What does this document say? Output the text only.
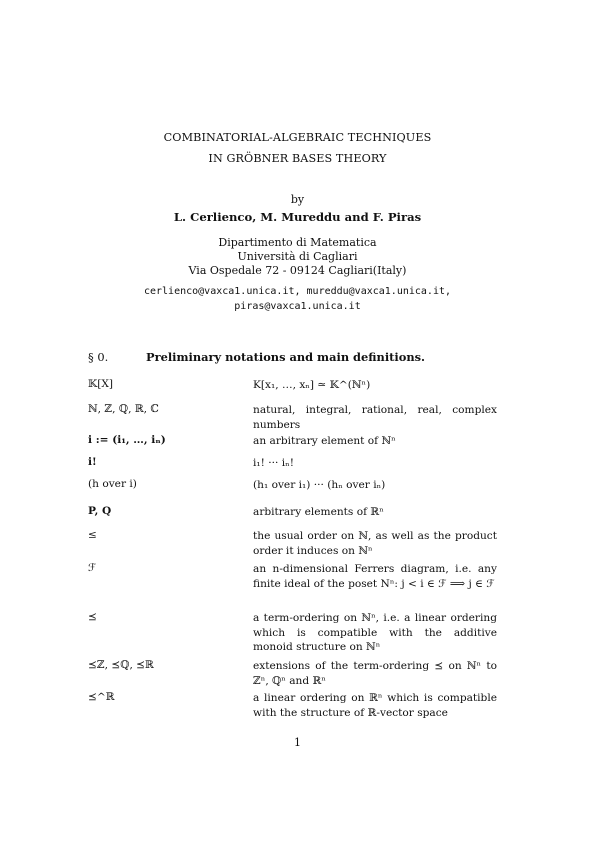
COMBINATORIAL-ALGEBRAIC TECHNIQUES
IN GRÖBNER BASES THEORY
by
L. Cerlienco, M. Mureddu and F. Piras
Dipartimento di Matematica
Università di Cagliari
Via Ospedale 72 - 09124 Cagliari(Italy)
cerlienco@vaxca1.unica.it, mureddu@vaxca1.unica.it,
piras@vaxca1.unica.it
§ 0.	Preliminary notations and main definitions.
𝕂[X]	K[x₁, …, xₙ] ≃ 𝕂^(ℕⁿ)
ℕ, ℤ, ℚ, ℝ, ℂ	natural, integral, rational, real, complex numbers
i := (i₁, …, iₙ)	an arbitrary element of ℕⁿ
i!	i₁! ··· iₙ!
(h over i)	(h₁ over i₁) ··· (hₙ over iₙ)
P, Q	arbitrary elements of ℝⁿ
≤	the usual order on ℕ, as well as the product order it induces on ℕⁿ
ℱ	an n-dimensional Ferrers diagram, i.e. any finite ideal of the poset Nⁿ: j < i ∈ ℱ ⟹ j ∈ ℱ
⪯	a term-ordering on ℕⁿ, i.e. a linear ordering which is compatible with the additive monoid structure on ℕⁿ
⪯ℤ, ⪯ℚ, ⪯ℝ	extensions of the term-ordering ⪯ on ℕⁿ to ℤⁿ, ℚⁿ and ℝⁿ
⪯^ℝ	a linear ordering on ℝⁿ which is compatible with the structure of ℝ-vector space
1
